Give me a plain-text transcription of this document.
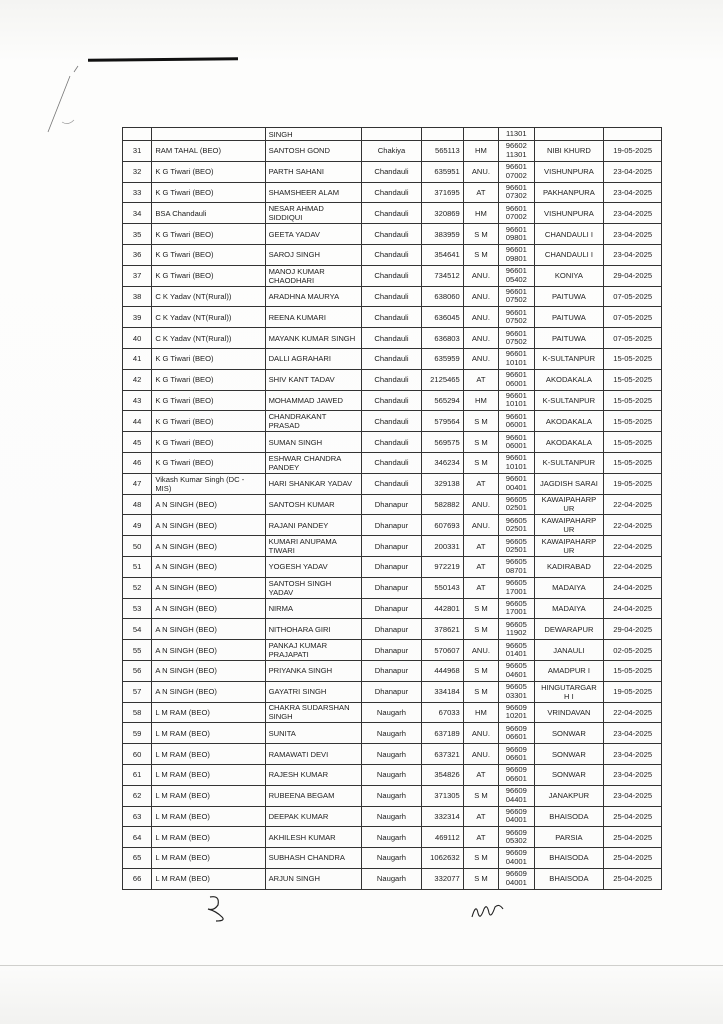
		SINGH				11301		
31	RAM TAHAL (BEO)	SANTOSH GOND	Chakiya	565113	HM	96602 11301	NIBI KHURD	19-05-2025
32	K G Tiwari (BEO)	PARTH SAHANI	Chandauli	635951	ANU.	96601 07002	VISHUNPURA	23-04-2025
33	K G Tiwari (BEO)	SHAMSHEER ALAM	Chandauli	371695	AT	96601 07302	PAKHANPURA	23-04-2025
34	BSA Chandauli	NESAR AHMAD SIDDIQUI	Chandauli	320869	HM	96601 07002	VISHUNPURA	23-04-2025
35	K G Tiwari (BEO)	GEETA YADAV	Chandauli	383959	S M	96601 09801	CHANDAULI I	23-04-2025
36	K G Tiwari (BEO)	SAROJ SINGH	Chandauli	354641	S M	96601 09801	CHANDAULI I	23-04-2025
37	K G Tiwari (BEO)	MANOJ KUMAR CHAODHARI	Chandauli	734512	ANU.	96601 05402	KONIYA	29-04-2025
38	C K Yadav (NT(Rural))	ARADHNA MAURYA	Chandauli	638060	ANU.	96601 07502	PAITUWA	07-05-2025
39	C K Yadav (NT(Rural))	REENA KUMARI	Chandauli	636045	ANU.	96601 07502	PAITUWA	07-05-2025
40	C K Yadav (NT(Rural))	MAYANK KUMAR SINGH	Chandauli	636803	ANU.	96601 07502	PAITUWA	07-05-2025
41	K G Tiwari (BEO)	DALLI AGRAHARI	Chandauli	635959	ANU.	96601 10101	K-SULTANPUR	15-05-2025
42	K G Tiwari (BEO)	SHIV KANT TADAV	Chandauli	2125465	AT	96601 06001	AKODAKALA	15-05-2025
43	K G Tiwari (BEO)	MOHAMMAD JAWED	Chandauli	565294	HM	96601 10101	K-SULTANPUR	15-05-2025
44	K G Tiwari (BEO)	CHANDRAKANT PRASAD	Chandauli	579564	S M	96601 06001	AKODAKALA	15-05-2025
45	K G Tiwari (BEO)	SUMAN SINGH	Chandauli	569575	S M	96601 06001	AKODAKALA	15-05-2025
46	K G Tiwari (BEO)	ESHWAR CHANDRA PANDEY	Chandauli	346234	S M	96601 10101	K-SULTANPUR	15-05-2025
47	Vikash Kumar Singh (DC - MIS)	HARI SHANKAR YADAV	Chandauli	329138	AT	96601 00401	JAGDISH SARAI	19-05-2025
48	A N SINGH (BEO)	SANTOSH KUMAR	Dhanapur	582882	ANU.	96605 02501	KAWAIPAHARP UR	22-04-2025
49	A N SINGH (BEO)	RAJANI PANDEY	Dhanapur	607693	ANU.	96605 02501	KAWAIPAHARP UR	22-04-2025
50	A N SINGH (BEO)	KUMARI ANUPAMA TIWARI	Dhanapur	200331	AT	96605 02501	KAWAIPAHARP UR	22-04-2025
51	A N SINGH (BEO)	YOGESH YADAV	Dhanapur	972219	AT	96605 08701	KADIRABAD	22-04-2025
52	A N SINGH (BEO)	SANTOSH SINGH YADAV	Dhanapur	550143	AT	96605 17001	MADAIYA	24-04-2025
53	A N SINGH (BEO)	NIRMA	Dhanapur	442801	S M	96605 17001	MADAIYA	24-04-2025
54	A N SINGH (BEO)	NITHOHARA GIRI	Dhanapur	378621	S M	96605 11902	DEWARAPUR	29-04-2025
55	A N SINGH (BEO)	PANKAJ KUMAR PRAJAPATI	Dhanapur	570607	ANU.	96605 01401	JANAULI	02-05-2025
56	A N SINGH (BEO)	PRIYANKA SINGH	Dhanapur	444968	S M	96605 04601	AMADPUR I	15-05-2025
57	A N SINGH (BEO)	GAYATRI SINGH	Dhanapur	334184	S M	96605 03301	HINGUTARGAR H I	19-05-2025
58	L M RAM (BEO)	CHAKRA SUDARSHAN SINGH	Naugarh	67033	HM	96609 10201	VRINDAVAN	22-04-2025
59	L M RAM (BEO)	SUNITA	Naugarh	637189	ANU.	96609 06601	SONWAR	23-04-2025
60	L M RAM (BEO)	RAMAWATI DEVI	Naugarh	637321	ANU.	96609 06601	SONWAR	23-04-2025
61	L M RAM (BEO)	RAJESH KUMAR	Naugarh	354826	AT	96609 06601	SONWAR	23-04-2025
62	L M RAM (BEO)	RUBEENA BEGAM	Naugarh	371305	S M	96609 04401	JANAKPUR	23-04-2025
63	L M RAM (BEO)	DEEPAK KUMAR	Naugarh	332314	AT	96609 04001	BHAISODA	25-04-2025
64	L M RAM (BEO)	AKHILESH KUMAR	Naugarh	469112	AT	96609 05302	PARSIA	25-04-2025
65	L M RAM (BEO)	SUBHASH CHANDRA	Naugarh	1062632	S M	96609 04001	BHAISODA	25-04-2025
66	L M RAM (BEO)	ARJUN SINGH	Naugarh	332077	S M	96609 04001	BHAISODA	25-04-2025
